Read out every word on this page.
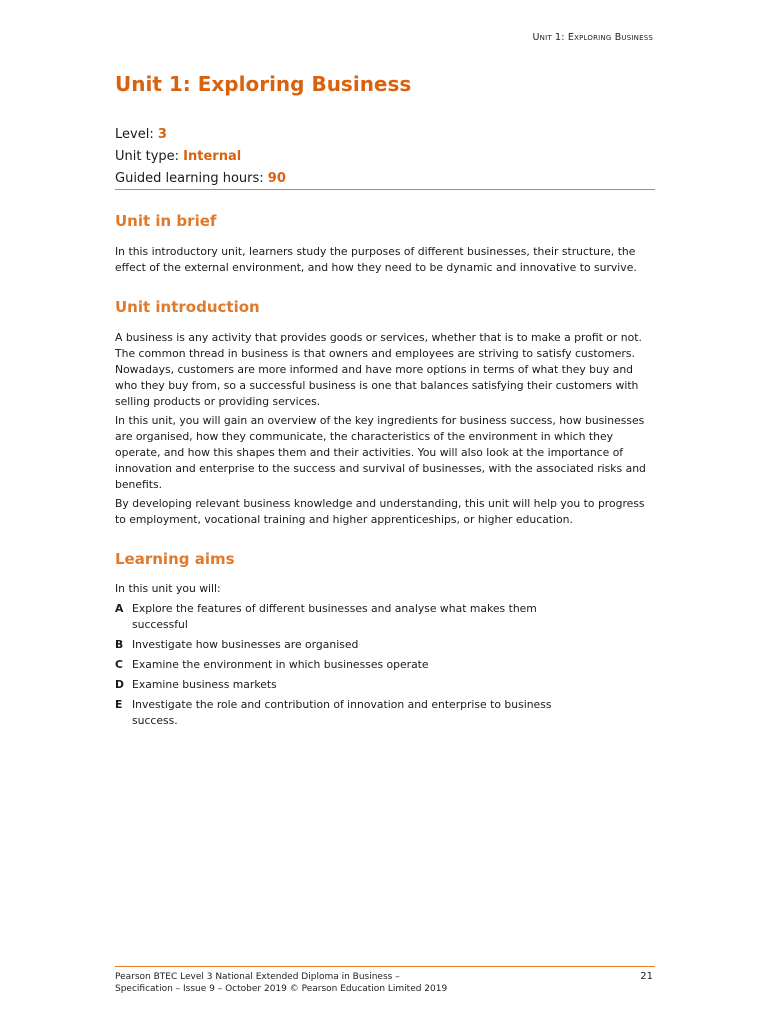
Unit 1: Exploring Business
Unit 1: Exploring Business
Level: 3
Unit type: Internal
Guided learning hours: 90
Unit in brief

In this introductory unit, learners study the purposes of different businesses, their structure, the effect of the external environment, and how they need to be dynamic and innovative to survive.

Unit introduction

A business is any activity that provides goods or services, whether that is to make a profit or not. The common thread in business is that owners and employees are striving to satisfy customers. Nowadays, customers are more informed and have more options in terms of what they buy and who they buy from, so a successful business is one that balances satisfying their customers with selling products or providing services.

In this unit, you will gain an overview of the key ingredients for business success, how businesses are organised, how they communicate, the characteristics of the environment in which they operate, and how this shapes them and their activities. You will also look at the importance of innovation and enterprise to the success and survival of businesses, with the associated risks and benefits.

By developing relevant business knowledge and understanding, this unit will help you to progress to employment, vocational training and higher apprenticeships, or higher education.

Learning aims

In this unit you will:

A Explore the features of different businesses and analyse what makes them successful
B Investigate how businesses are organised
C Examine the environment in which businesses operate
D Examine business markets
E Investigate the role and contribution of innovation and enterprise to business success.
Pearson BTEC Level 3 National Extended Diploma in Business –
Specification – Issue 9 – October 2019 © Pearson Education Limited 2019
21
